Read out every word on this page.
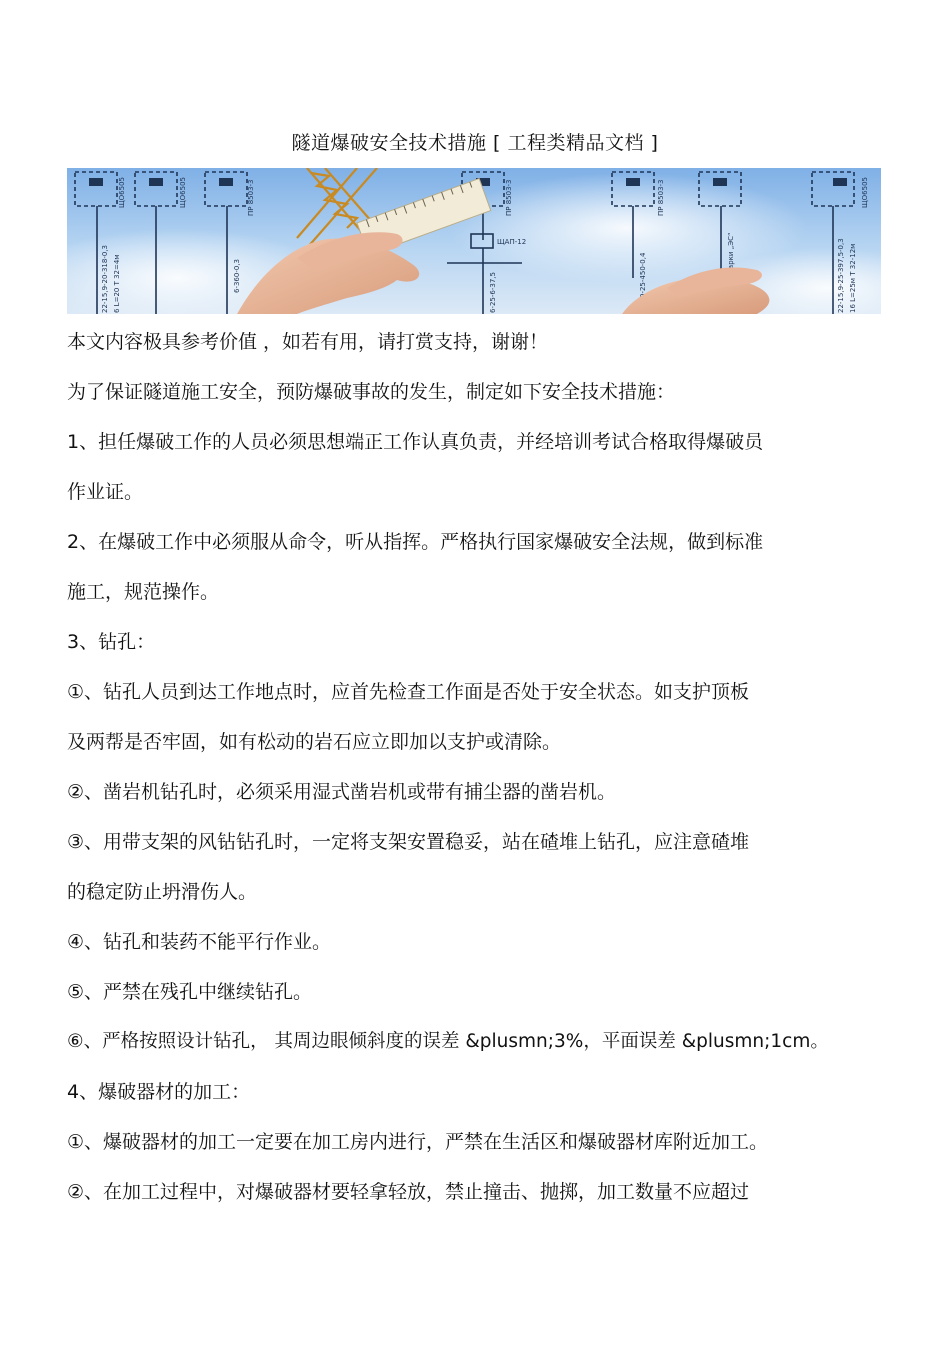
隧道爆破安全技术措施 [ 工程类精品文档 ]
ЩО6505	ЩО6505	ПР 8503-3	ПР 8503-3	ПР 8503-3	ЩО6505
ЩАП-12
22-15,9-20-318-0,3 6 L=20 Т 32=4м	6-360-0,3	6-25-6-37,5	0-25-450-0,4	22-15,9-25-397,5-0,3 16 L=25м Т 32-12м
本文内容极具参考价值 ，如若有用，请打赏支持，谢谢！
为了保证隧道施工安全，预防爆破事故的发生，制定如下安全技术措施：
1、担任爆破工作的人员必须思想端正工作认真负责，并经培训考试合格取得爆破员
作业证。
2、在爆破工作中必须服从命令，听从指挥。严格执行国家爆破安全法规，做到标准
施工，规范操作。
3、钻孔：
①、钻孔人员到达工作地点时，应首先检查工作面是否处于安全状态。如支护顶板
及两帮是否牢固，如有松动的岩石应立即加以支护或清除。
②、凿岩机钻孔时，必须采用湿式凿岩机或带有捕尘器的凿岩机。
③、用带支架的风钻钻孔时，一定将支架安置稳妥，站在碴堆上钻孔，应注意碴堆
的稳定防止坍滑伤人。
④、钻孔和装药不能平行作业。
⑤、严禁在残孔中继续钻孔。
⑥、严格按照设计钻孔， 其周边眼倾斜度的误差 &plusmn;3%，平面误差 &plusmn;1cm。
4、爆破器材的加工：
①、爆破器材的加工一定要在加工房内进行，严禁在生活区和爆破器材库附近加工。
②、在加工过程中，对爆破器材要轻拿轻放，禁止撞击、抛掷，加工数量不应超过
